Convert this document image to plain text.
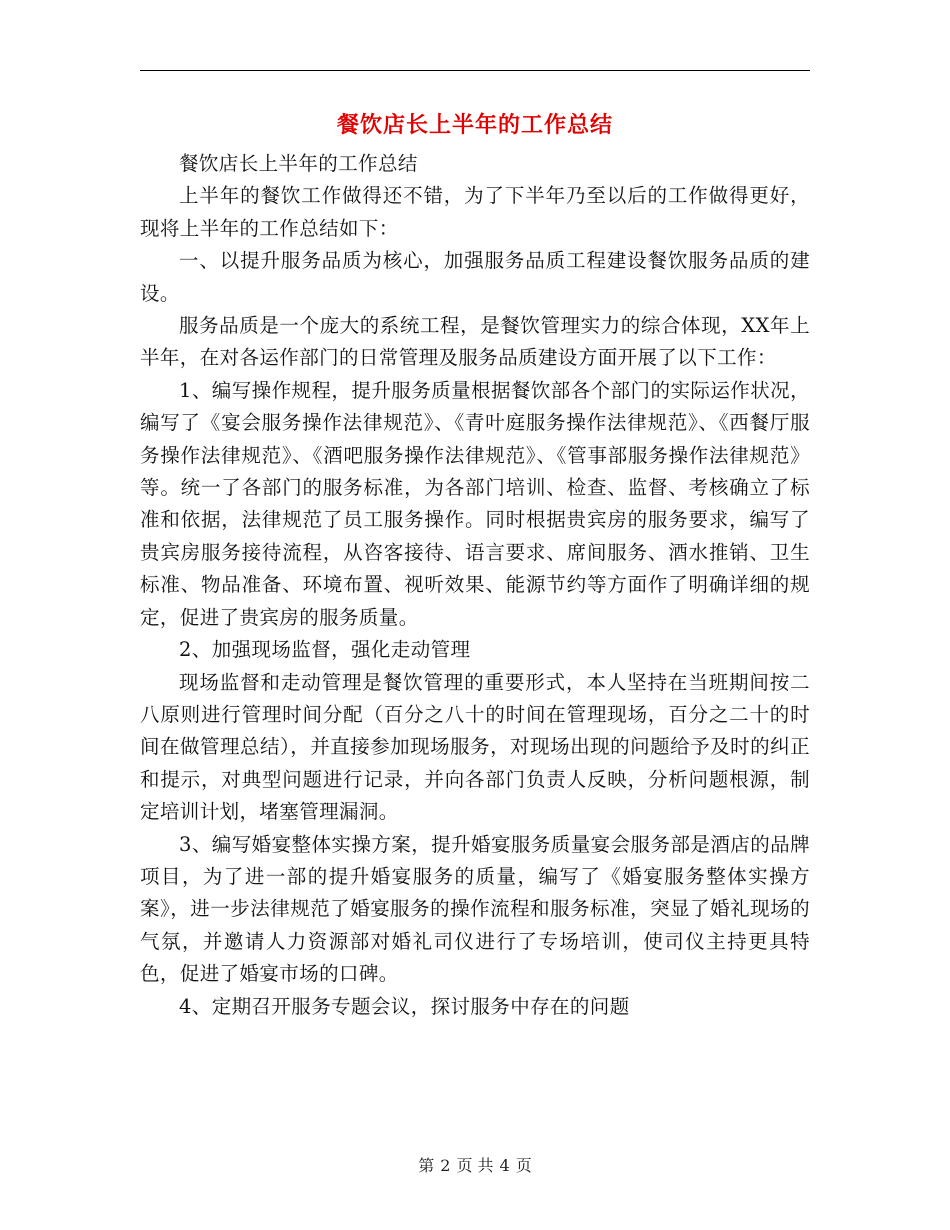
餐饮店长上半年的工作总结

餐饮店长上半年的工作总结

上半年的餐饮工作做得还不错，为了下半年乃至以后的工作做得更好，现将上半年的工作总结如下：

一、以提升服务品质为核心，加强服务品质工程建设餐饮服务品质的建设。

服务品质是一个庞大的系统工程，是餐饮管理实力的综合体现，XX年上半年，在对各运作部门的日常管理及服务品质建设方面开展了以下工作：

1、编写操作规程，提升服务质量根据餐饮部各个部门的实际运作状况，编写了《宴会服务操作法律规范》、《青叶庭服务操作法律规范》、《西餐厅服务操作法律规范》、《酒吧服务操作法律规范》、《管事部服务操作法律规范》等。统一了各部门的服务标准，为各部门培训、检查、监督、考核确立了标准和依据，法律规范了员工服务操作。同时根据贵宾房的服务要求，编写了贵宾房服务接待流程，从咨客接待、语言要求、席间服务、酒水推销、卫生标准、物品准备、环境布置、视听效果、能源节约等方面作了明确详细的规定，促进了贵宾房的服务质量。

2、加强现场监督，强化走动管理

现场监督和走动管理是餐饮管理的重要形式，本人坚持在当班期间按二八原则进行管理时间分配（百分之八十的时间在管理现场，百分之二十的时间在做管理总结），并直接参加现场服务，对现场出现的问题给予及时的纠正和提示，对典型问题进行记录，并向各部门负责人反映，分析问题根源，制定培训计划，堵塞管理漏洞。

3、编写婚宴整体实操方案，提升婚宴服务质量宴会服务部是酒店的品牌项目，为了进一部的提升婚宴服务的质量，编写了《婚宴服务整体实操方案》，进一步法律规范了婚宴服务的操作流程和服务标准，突显了婚礼现场的气氛，并邀请人力资源部对婚礼司仪进行了专场培训，使司仪主持更具特色，促进了婚宴市场的口碑。

4、定期召开服务专题会议，探讨服务中存在的问题

第 2 页 共 4 页
